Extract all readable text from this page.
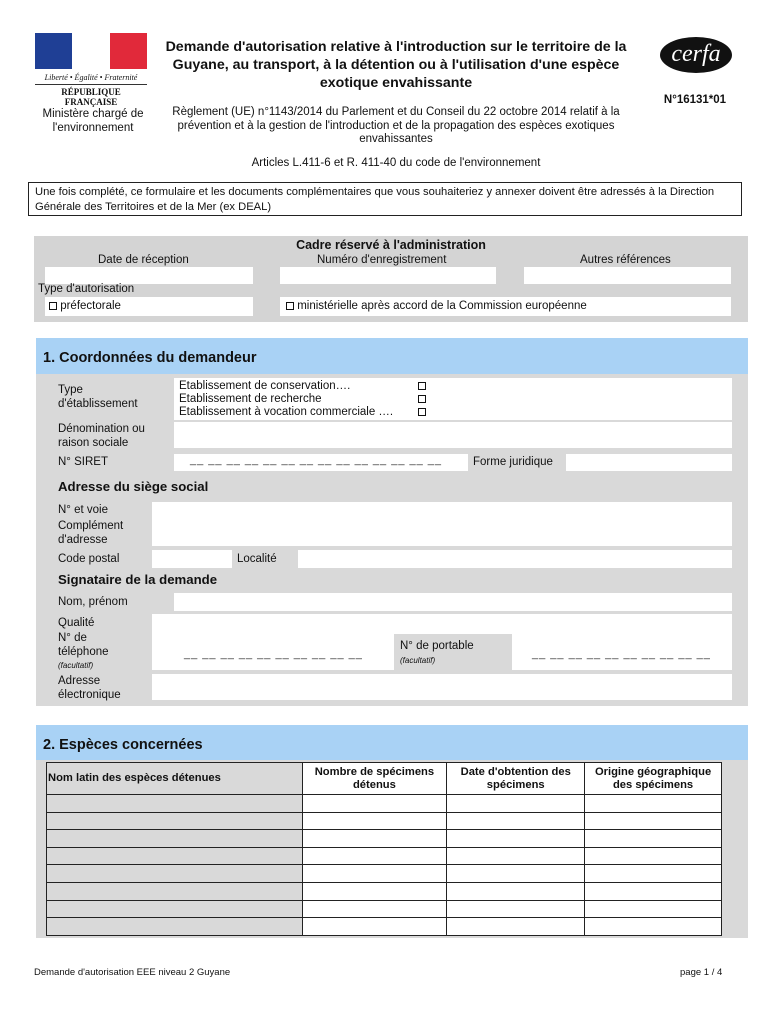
Liberté • Égalité • Fraternité
RÉPUBLIQUE FRANÇAISE
Ministère chargé de l'environnement
Demande d'autorisation relative à l'introduction sur le territoire de la Guyane, au transport, à la détention ou à l'utilisation d'une espèce exotique envahissante
cerfa
N°16131*01
Règlement (UE) n°1143/2014 du Parlement et du Conseil du 22 octobre 2014 relatif à la prévention et à la gestion de l'introduction et de la propagation des espèces exotiques envahissantes
Articles L.411-6 et R. 411-40 du code de l'environnement
Une fois complété, ce formulaire et les documents complémentaires que vous souhaiteriez y annexer doivent être adressés à la Direction Générale des Territoires et de la Mer (ex DEAL)
Cadre réservé à l'administration
Date de réception	Numéro d'enregistrement	Autres références
Type d'autorisation
préfectorale	ministérielle après accord de la Commission européenne
1. Coordonnées du demandeur
Type d'établissement
Etablissement de conservation….
Etablissement de recherche
Etablissement à vocation commerciale ….
Dénomination ou raison sociale
N° SIRET	__ __ __ __ __ __ __ __ __ __ __ __ __ __	Forme juridique
Adresse du siège social
N° et voie
Complément d'adresse
Code postal	Localité
Signataire de la demande
Nom, prénom
Qualité
N° de téléphone
(facultatif)
__ __ __ __ __ __ __ __ __ __
N° de portable
(facultatif)	__ __ __ __ __ __ __ __ __ __
Adresse électronique
2. Espèces concernées
Nom latin des espèces détenues	Nombre de spécimens détenus	Date d'obtention des spécimens	Origine géographique des spécimens

Demande d'autorisation EEE niveau 2 Guyane	page 1 / 4
